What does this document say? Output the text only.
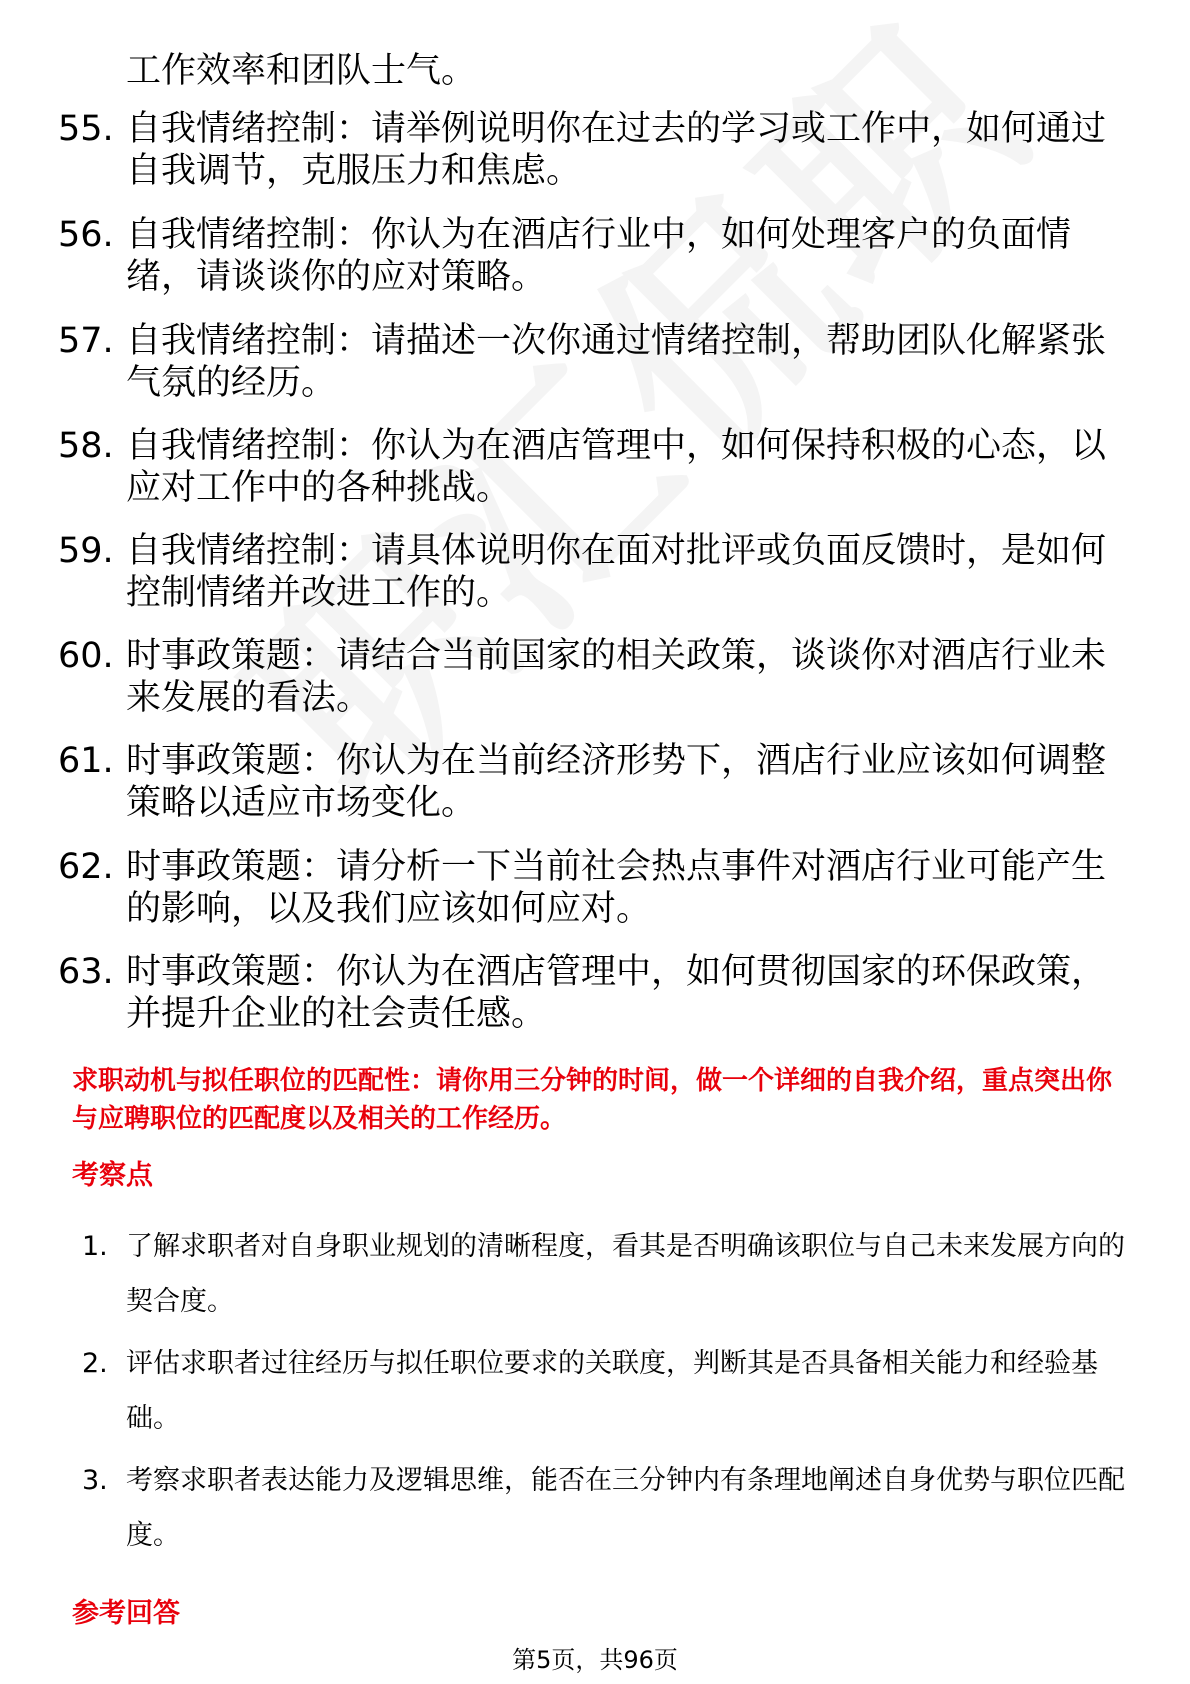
工作效率和团队士气。
55. 自我情绪控制：请举例说明你在过去的学习或工作中，如何通过自我调节，克服压力和焦虑。
56. 自我情绪控制：你认为在酒店行业中，如何处理客户的负面情绪，请谈谈你的应对策略。
57. 自我情绪控制：请描述一次你通过情绪控制，帮助团队化解紧张气氛的经历。
58. 自我情绪控制：你认为在酒店管理中，如何保持积极的心态，以应对工作中的各种挑战。
59. 自我情绪控制：请具体说明你在面对批评或负面反馈时，是如何控制情绪并改进工作的。
60. 时事政策题：请结合当前国家的相关政策，谈谈你对酒店行业未来发展的看法。
61. 时事政策题：你认为在当前经济形势下，酒店行业应该如何调整策略以适应市场变化。
62. 时事政策题：请分析一下当前社会热点事件对酒店行业可能产生的影响，以及我们应该如何应对。
63. 时事政策题：你认为在酒店管理中，如何贯彻国家的环保政策，并提升企业的社会责任感。
求职动机与拟任职位的匹配性：请你用三分钟的时间，做一个详细的自我介绍，重点突出你与应聘职位的匹配度以及相关的工作经历。
考察点
1. 了解求职者对自身职业规划的清晰程度，看其是否明确该职位与自己未来发展方向的契合度。
2. 评估求职者过往经历与拟任职位要求的关联度，判断其是否具备相关能力和经验基础。
3. 考察求职者表达能力及逻辑思维，能否在三分钟内有条理地阐述自身优势与职位匹配度。
参考回答
第5页，共96页
